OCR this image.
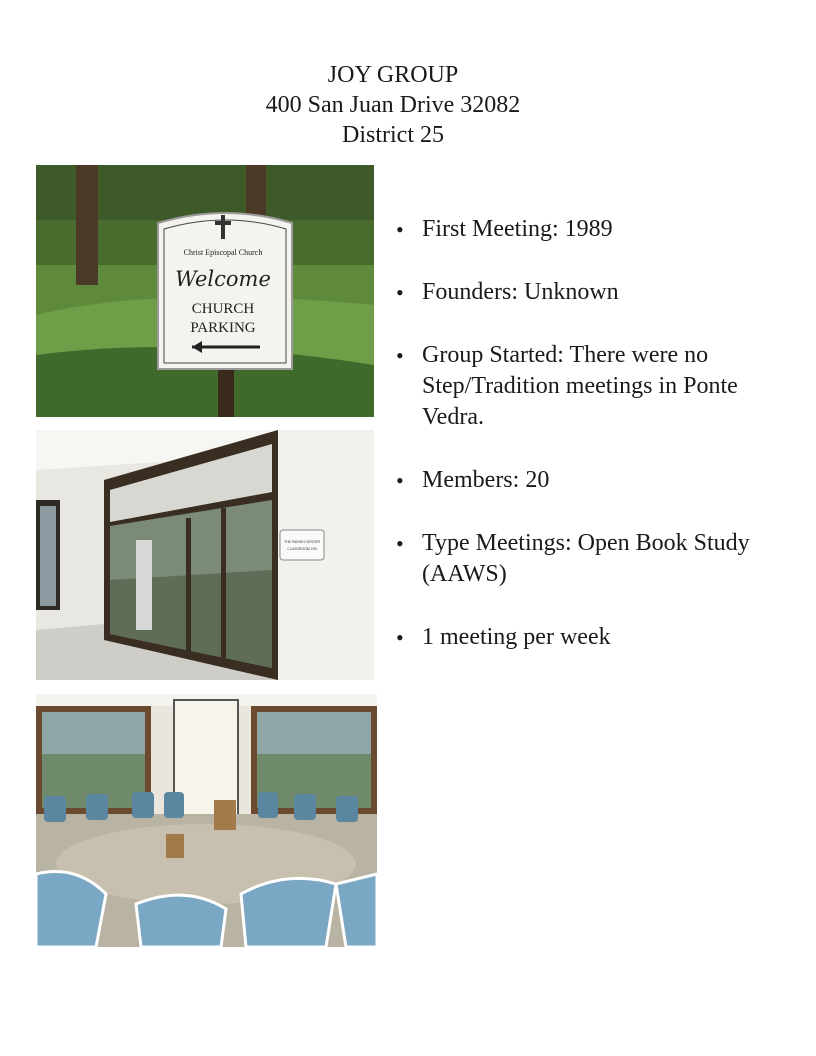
JOY GROUP
400 San Juan Drive 32082
District 25
Christ Episcopal Church
Welcome
CHURCH
PARKING
THE PARISH CENTER
CLASSROOM 225
• First Meeting: 1989
• Founders: Unknown
• Group Started: There were no Step/Tradition meetings in Ponte Vedra.
• Members: 20
• Type Meetings: Open Book Study (AAWS)
• 1 meeting per week
